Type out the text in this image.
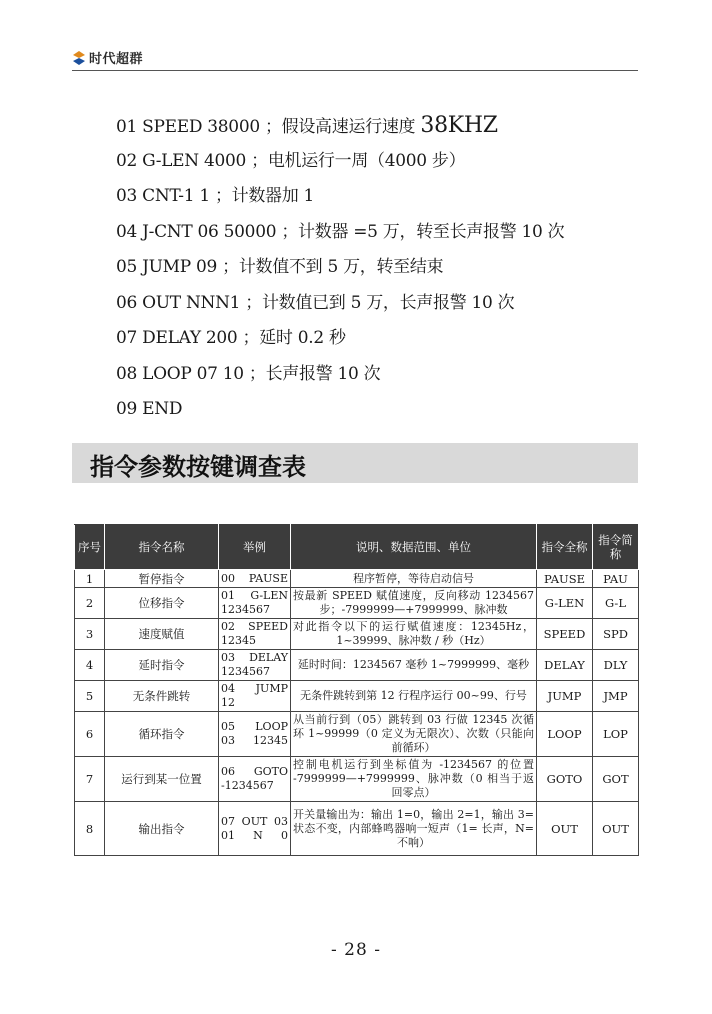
时代超群
01 SPEED 38000 ；假设高速运行速度 38KHZ
02 G-LEN 4000 ；电机运行一周（4000 步）
03 CNT-1 1 ；计数器加 1
04 J-CNT 06 50000 ；计数器 =5 万，转至长声报警 10 次
05 JUMP 09 ；计数值不到 5 万，转至结束
06 OUT NNN1 ；计数值已到 5 万，长声报警 10 次
07 DELAY 200 ；延时 0.2 秒
08 LOOP 07 10 ；长声报警 10 次
09 END
指令参数按键调查表
序号	指令名称	举例	说明、数据范围、单位	指令全称	指令简称
1	暂停指令	00 PAUSE	程序暂停，等待启动信号	PAUSE	PAU
2	位移指令	01 G-LEN 1234567	按最新 SPEED 赋值速度，反向移动 1234567 步；-7999999—+7999999、脉冲数	G-LEN	G-L
3	速度赋值	02 SPEED 12345	对此指令以下的运行赋值速度：12345Hz，1~39999、脉冲数 / 秒（Hz）	SPEED	SPD
4	延时指令	03 DELAY 1234567	延时时间：1234567 毫秒 1~7999999、毫秒	DELAY	DLY
5	无条件跳转	04 JUMP 12	无条件跳转到第 12 行程序运行 00~99、行号	JUMP	JMP
6	循环指令	05 LOOP 03 12345	从当前行到（05）跳转到 03 行做 12345 次循环 1~99999（0 定义为无限次）、次数（只能向前循环）	LOOP	LOP
7	运行到某一位置	06 GOTO -1234567	控制电机运行到坐标值为 -1234567 的位置 -7999999—+7999999、脉冲数（0 相当于返回零点）	GOTO	GOT
8	输出指令	07 OUT 03 01 N 0	开关量输出为：输出 1=0，输出 2=1，输出 3= 状态不变，内部蜂鸣器响一短声（1= 长声，N= 不响）	OUT	OUT
- 28 -
